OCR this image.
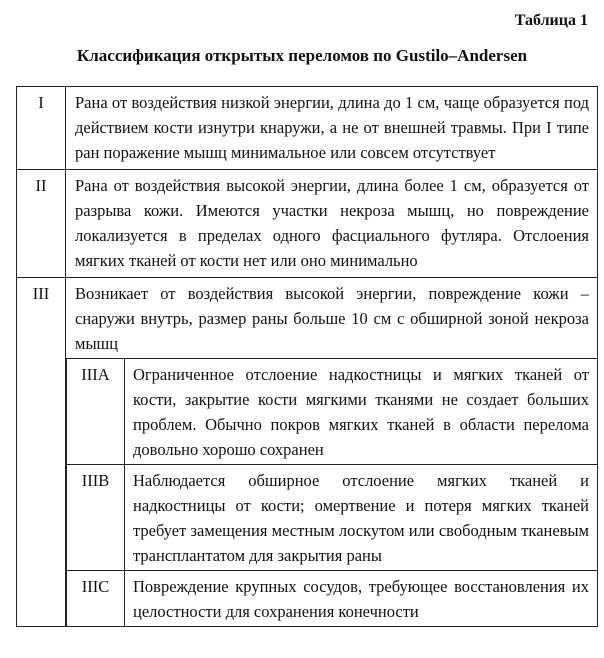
Таблица 1
Классификация открытых переломов по Gustilo–Andersen
I	Рана от воздействия низкой энергии, длина до 1 см, чаще образуется под действием кости изнутри кнаружи, а не от внешней травмы. При I типе ран поражение мышц минимальное или совсем отсутствует
II	Рана от воздействия высокой энергии, длина более 1 см, образуется от разрыва кожи. Имеются участки некроза мышц, но повреждение локализуется в пределах одного фасциального футляра. Отслоения мягких тканей от кости нет или оно минимально
III	Возникает от воздействия высокой энергии, повреждение кожи – снаружи внутрь, размер раны больше 10 см с обширной зоной некроза мышц
IIIA	Ограниченное отслоение надкостницы и мягких тканей от кости, закрытие кости мягкими тканями не создает больших проблем. Обычно покров мягких тканей в области перелома довольно хорошо сохранен
IIIB	Наблюдается обширное отслоение мягких тканей и надкостницы от кости; омертвение и потеря мягких тканей требует замещения местным лоскутом или свободным тканевым трансплантатом для закрытия раны
IIIC	Повреждение крупных сосудов, требующее восстановления их целостности для сохранения конечности
